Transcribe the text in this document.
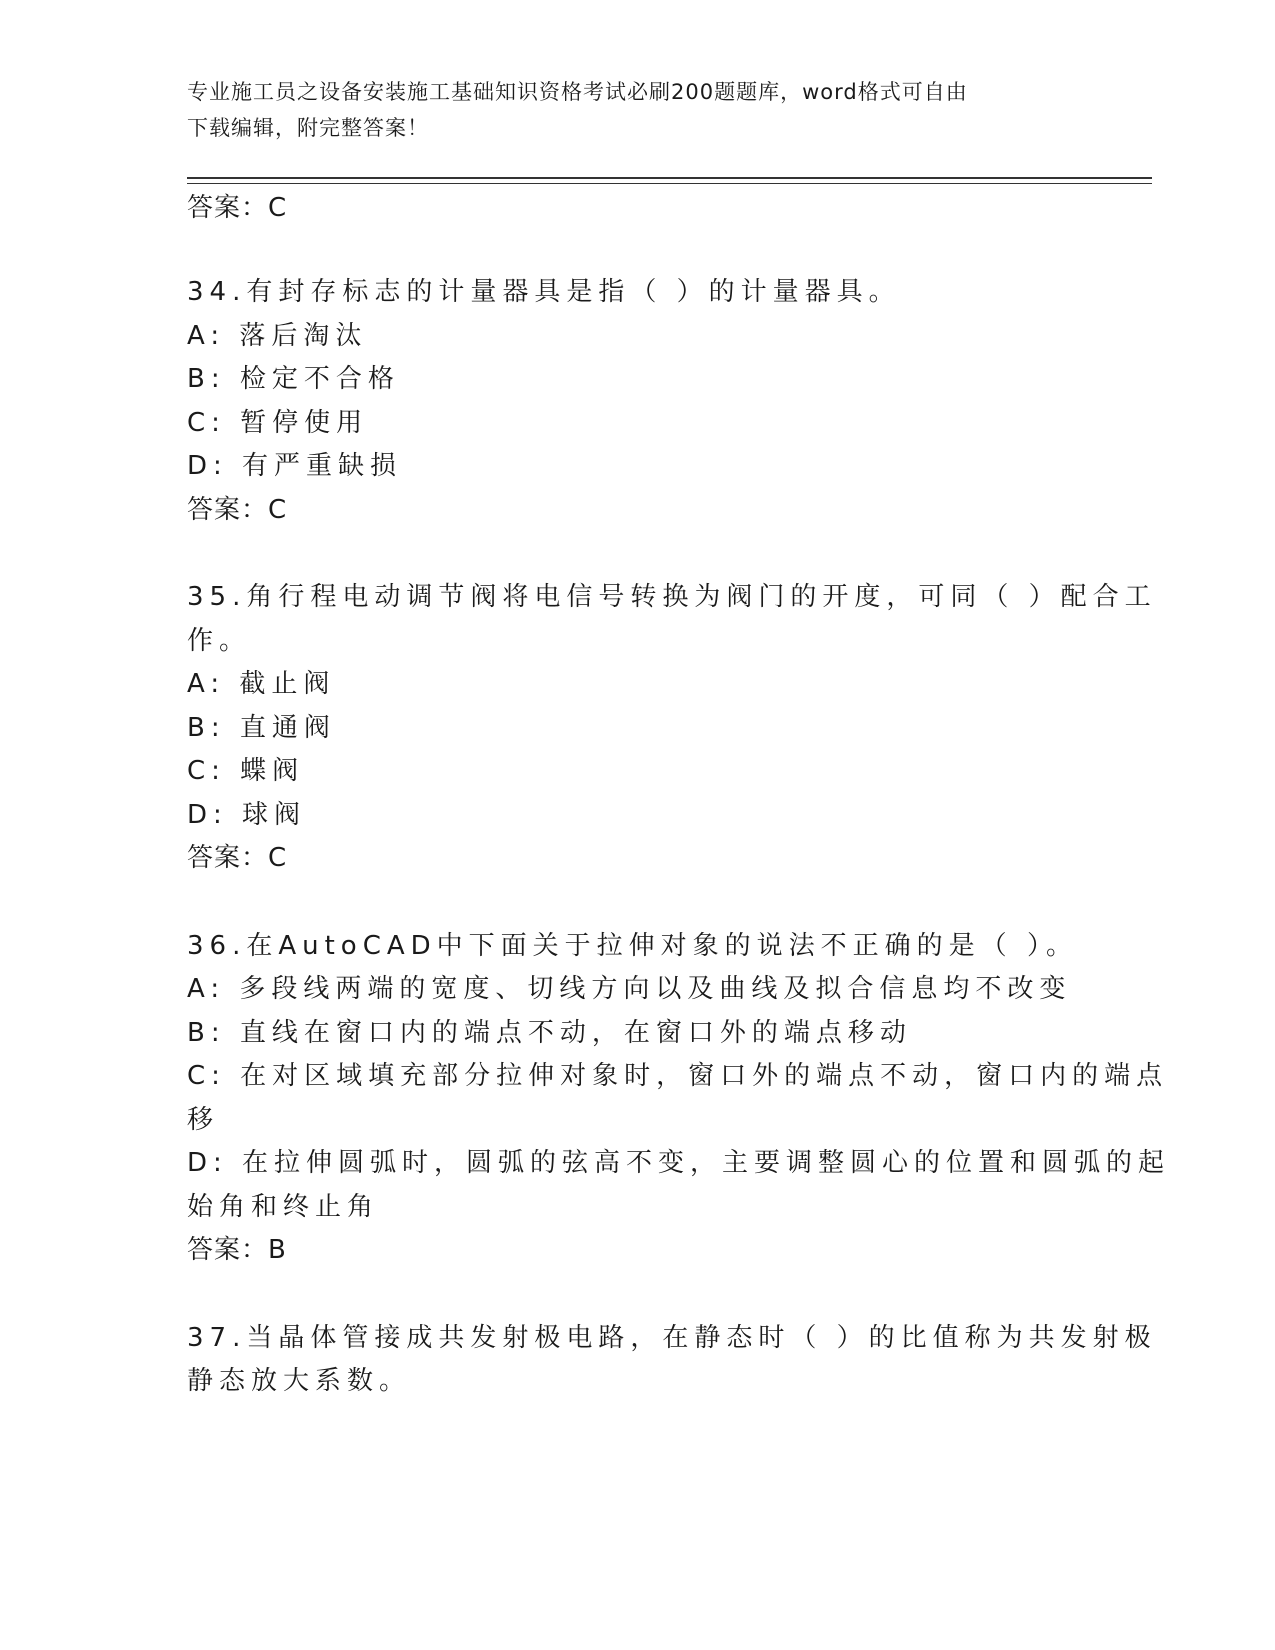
专业施工员之设备安装施工基础知识资格考试必刷200题题库，word格式可自由
下载编辑，附完整答案！
答案：C
34.有封存标志的计量器具是指（ ）的计量器具。
A: 落后淘汰
B: 检定不合格
C: 暂停使用
D: 有严重缺损
答案：C
35.角行程电动调节阀将电信号转换为阀门的开度，可同（ ）配合工
作。
A: 截止阀
B: 直通阀
C: 蝶阀
D: 球阀
答案：C
36.在AutoCAD中下面关于拉伸对象的说法不正确的是（ ）。
A: 多段线两端的宽度、切线方向以及曲线及拟合信息均不改变
B: 直线在窗口内的端点不动，在窗口外的端点移动
C: 在对区域填充部分拉伸对象时，窗口外的端点不动，窗口内的端点
移
D: 在拉伸圆弧时，圆弧的弦高不变，主要调整圆心的位置和圆弧的起
始角和终止角
答案：B
37.当晶体管接成共发射极电路，在静态时（ ）的比值称为共发射极
静态放大系数。
